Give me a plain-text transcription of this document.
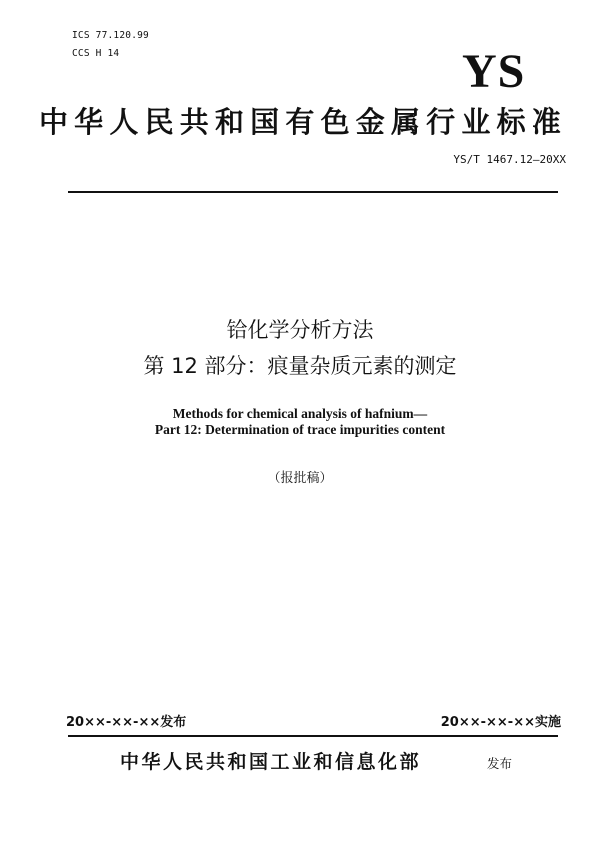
ICS 77.120.99
CCS H 14	YS
中华人民共和国有色金属行业标准
YS/T 1467.12—20XX
铪化学分析方法
第 12 部分：痕量杂质元素的测定
Methods for chemical analysis of hafnium—
Part 12: Determination of trace impurities content
（报批稿）
20××-××-××发布	20××-××-××实施
中华人民共和国工业和信息化部	发布
